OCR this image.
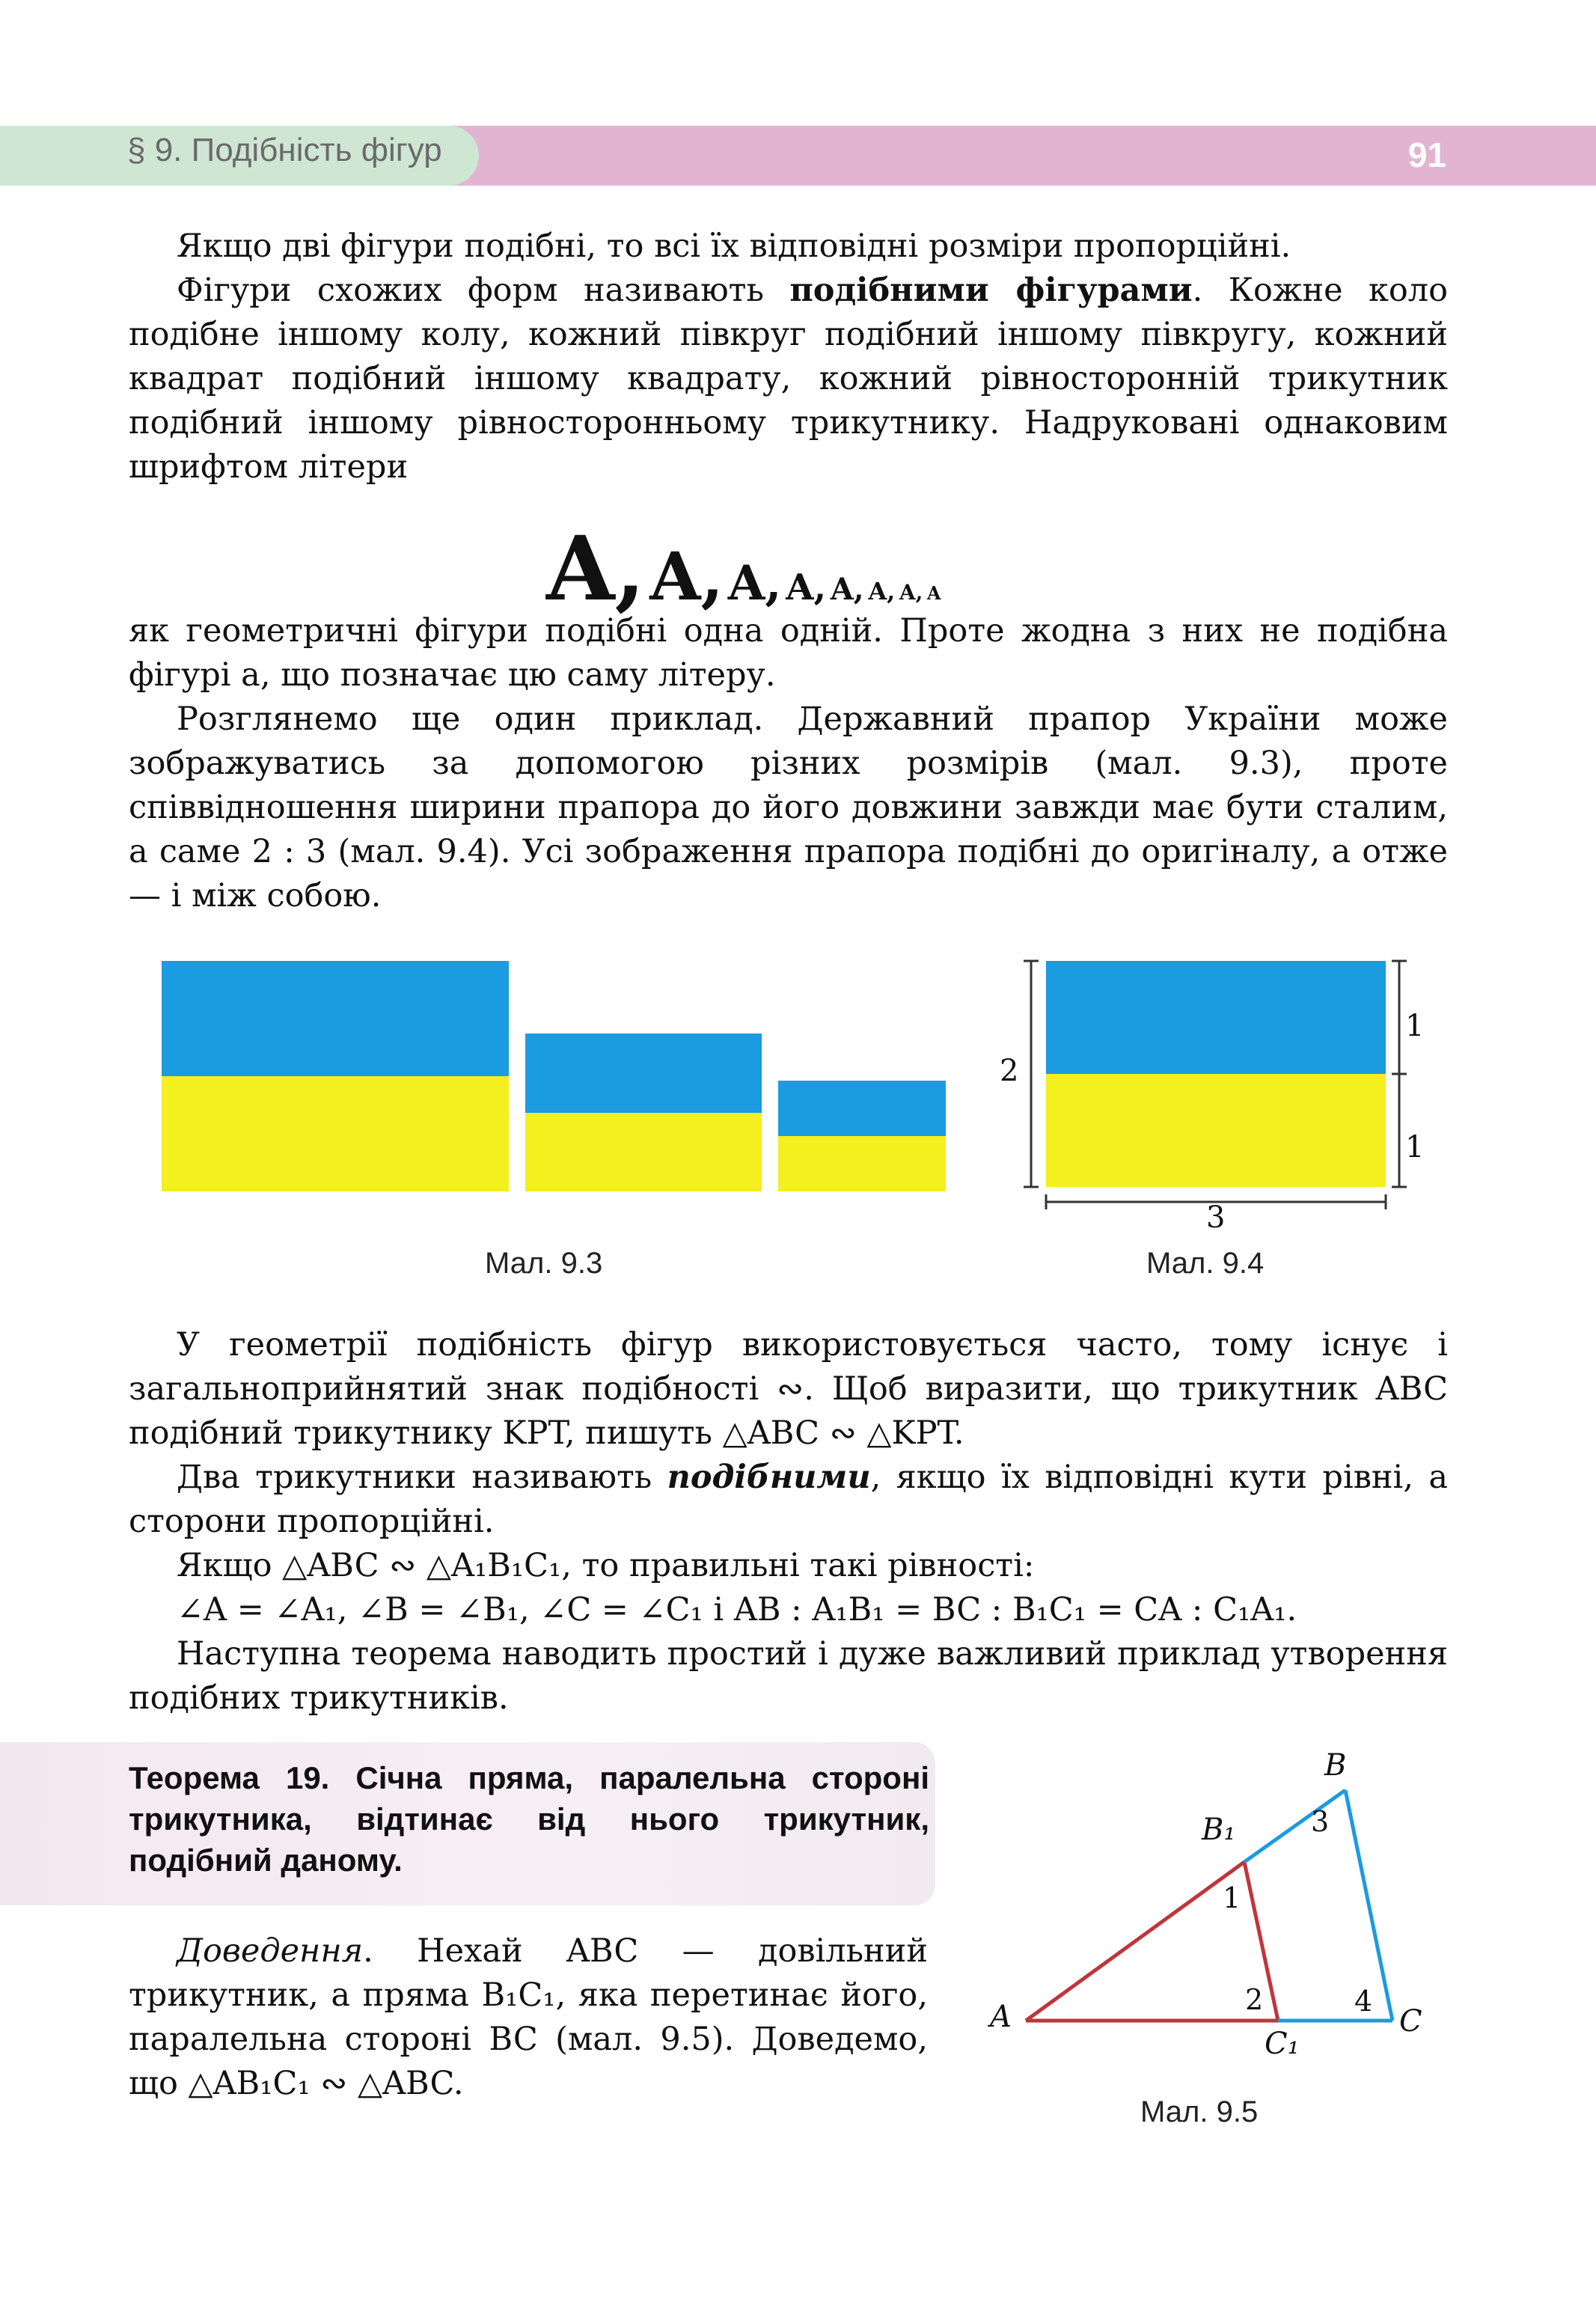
§ 9. Подібність фігур	91

Якщо дві фігури подібні, то всі їх відповідні розміри пропорційні.

Фігури схожих форм називають подібними фігурами. Кожне коло подібне іншому колу, кожний півкруг подібний іншому півкругу, кожний квадрат подібний іншому квадрату, кожний рівносторонній трикутник подібний іншому рівносторонньому трикутнику. Надруковані однаковим шрифтом літери

A, A, A, A, A, A, A, A

як геометричні фігури подібні одна одній. Проте жодна з них не подібна фігурі а, що позначає цю саму літеру.

Розглянемо ще один приклад. Державний прапор України може зображуватись за допомогою різних розмірів (мал. 9.3), проте співвідношення ширини прапора до його довжини завжди має бути сталим, а саме 2 : 3 (мал. 9.4). Усі зображення прапора подібні до оригіналу, а отже — і між собою.

Мал. 9.3
2
1
1
3
Мал. 9.4

У геометрії подібність фігур використовується часто, тому існує і загальноприйнятий знак подібності ∾. Щоб виразити, що трикутник ABC подібний трикутнику KPT, пишуть △ABC ∾ △KPT.

Два трикутники називають подібними, якщо їх відповідні кути рівні, а сторони пропорційні.

Якщо △ABC ∾ △A₁B₁C₁, то правильні такі рівності:

∠A = ∠A₁, ∠B = ∠B₁, ∠C = ∠C₁ і AB : A₁B₁ = BC : B₁C₁ = CA : C₁A₁.

Наступна теорема наводить простий і дуже важливий приклад утворення подібних трикутників.

Теорема 19. Січна пряма, паралельна стороні трикутника, відтинає від нього трикутник, подібний даному.

Доведення. Нехай ABC — довільний трикутник, а пряма B₁C₁, яка перетинає його, паралельна стороні BC (мал. 9.5). Доведемо, що △AB₁C₁ ∾ △ABC.

A
B
B₁
C
C₁
1
2
3
4
Мал. 9.5
